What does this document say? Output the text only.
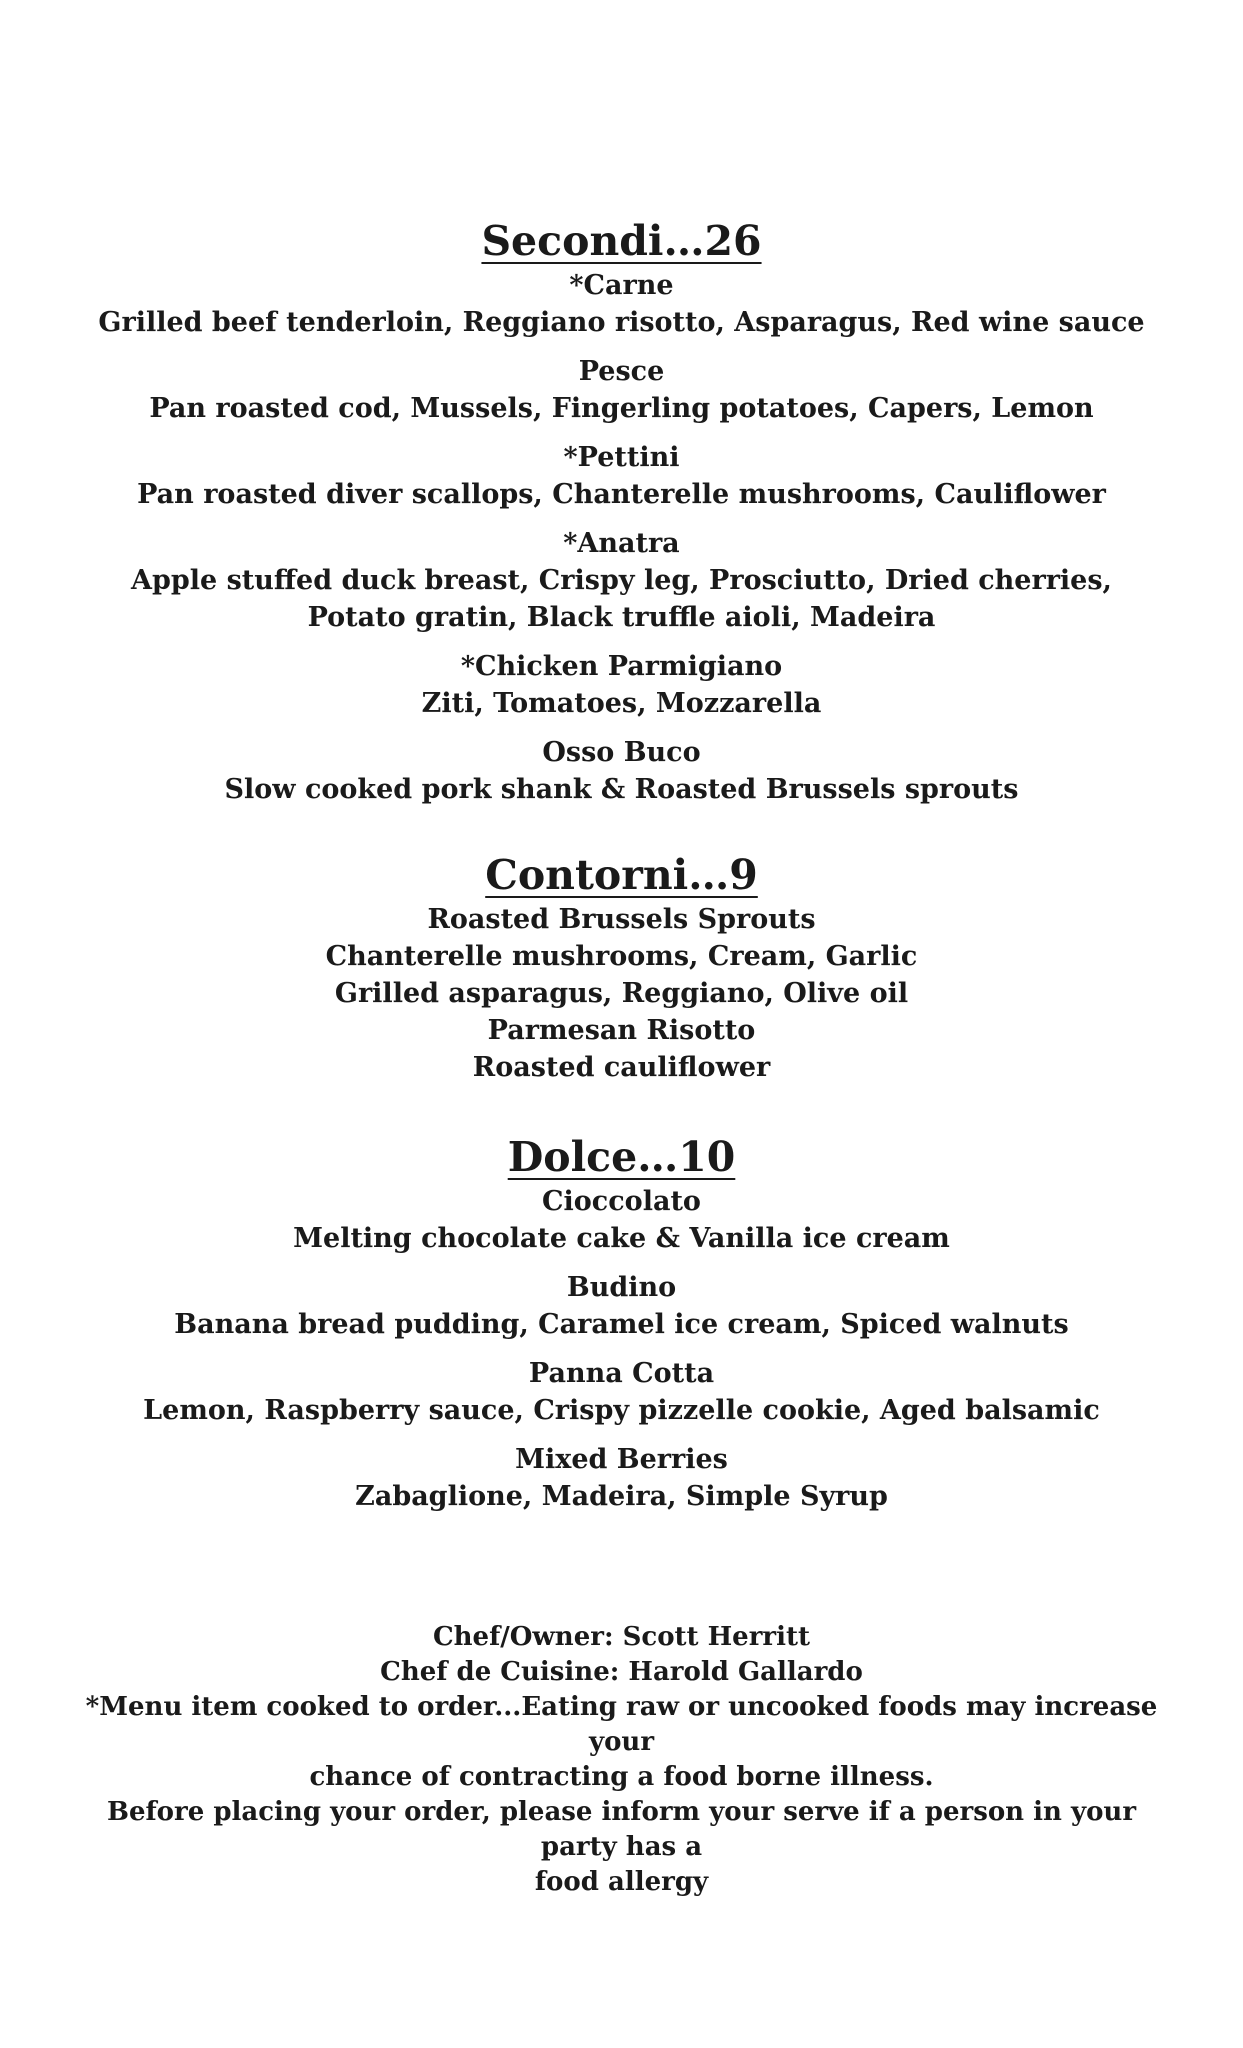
Secondi…26
*Carne
Grilled beef tenderloin, Reggiano risotto, Asparagus, Red wine sauce
Pesce
Pan roasted cod, Mussels, Fingerling potatoes, Capers, Lemon
*Pettini
Pan roasted diver scallops, Chanterelle mushrooms, Cauliflower
*Anatra
Apple stuffed duck breast, Crispy leg, Prosciutto, Dried cherries,
Potato gratin, Black truffle aioli, Madeira
*Chicken Parmigiano
Ziti, Tomatoes, Mozzarella
Osso Buco
Slow cooked pork shank & Roasted Brussels sprouts
Contorni…9
Roasted Brussels Sprouts
Chanterelle mushrooms, Cream, Garlic
Grilled asparagus, Reggiano, Olive oil
Parmesan Risotto
Roasted cauliflower
Dolce…10
Cioccolato
Melting chocolate cake & Vanilla ice cream
Budino
Banana bread pudding, Caramel ice cream, Spiced walnuts
Panna Cotta
Lemon, Raspberry sauce, Crispy pizzelle cookie, Aged balsamic
Mixed Berries
Zabaglione, Madeira, Simple Syrup
Chef/Owner: Scott Herritt
Chef de Cuisine: Harold Gallardo
*Menu item cooked to order...Eating raw or uncooked foods may increase your
chance of contracting a food borne illness.
Before placing your order, please inform your serve if a person in your party has a
food allergy
